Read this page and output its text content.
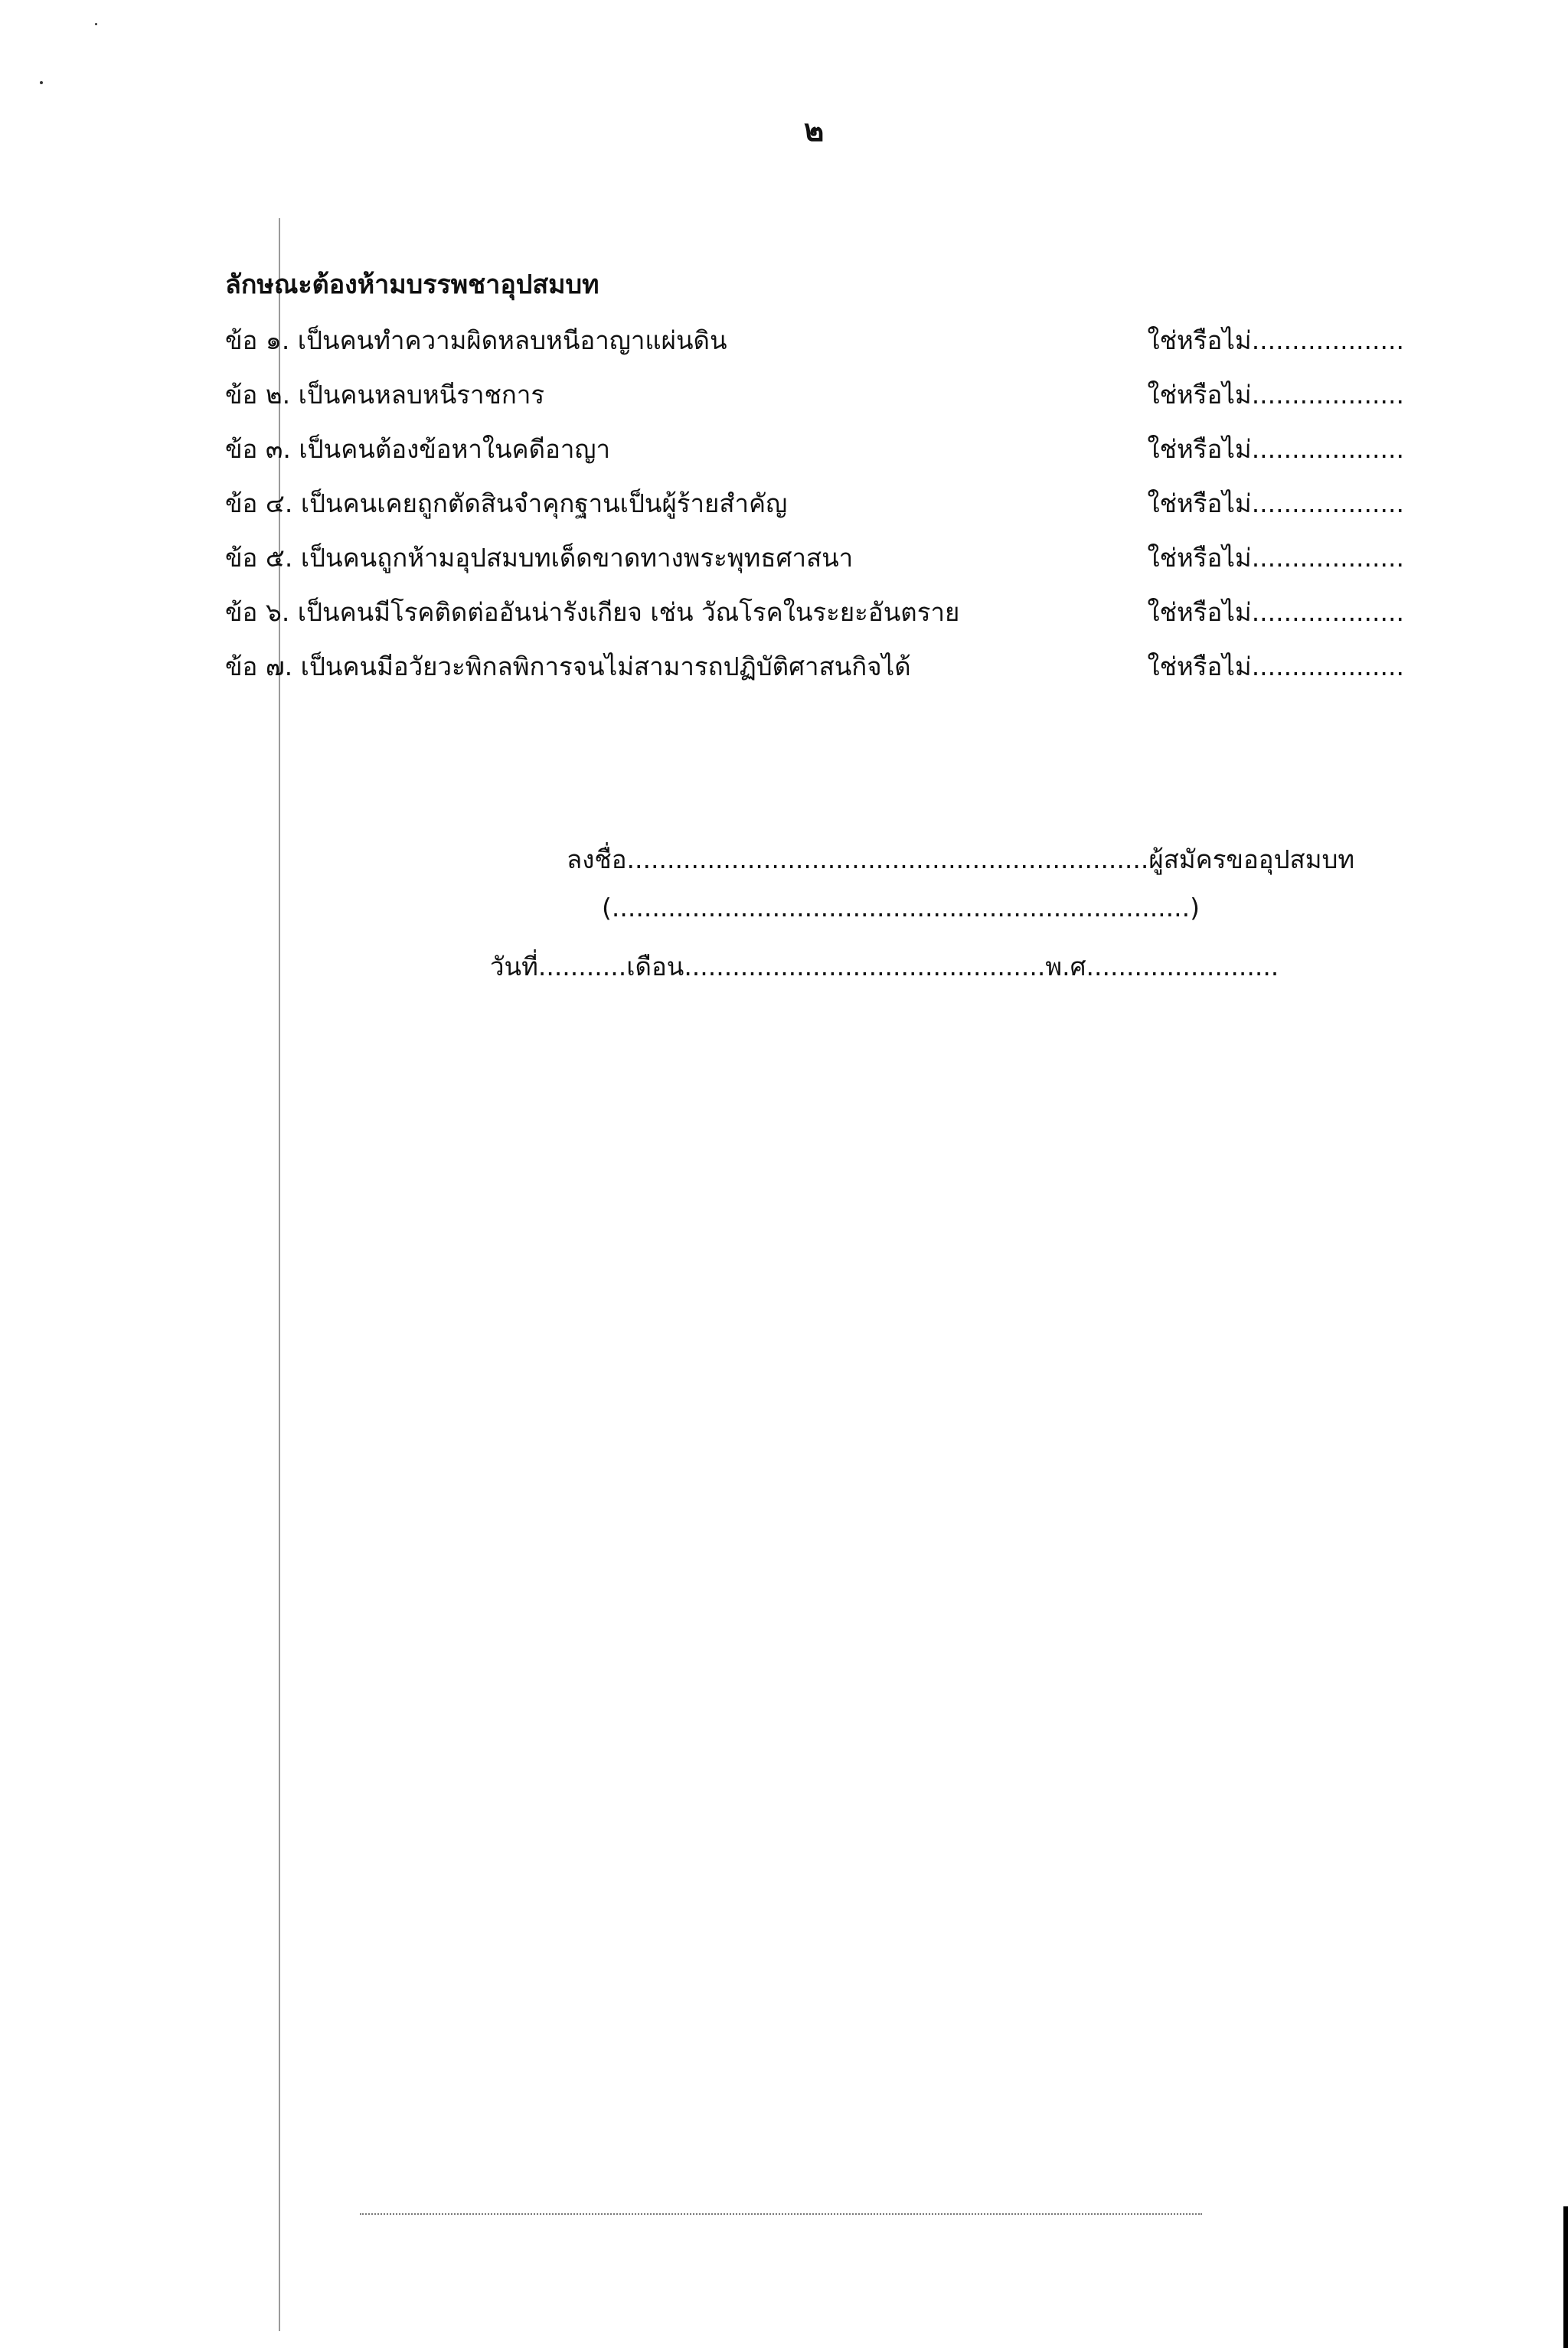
๒
ลักษณะต้องห้ามบรรพชาอุปสมบท
ข้อ ๑. เป็นคนทำความผิดหลบหนีอาญาแผ่นดิน	ใช่หรือไม่...................
ข้อ ๒. เป็นคนหลบหนีราชการ	ใช่หรือไม่...................
ข้อ ๓. เป็นคนต้องข้อหาในคดีอาญา	ใช่หรือไม่...................
ข้อ ๔. เป็นคนเคยถูกตัดสินจำคุกฐานเป็นผู้ร้ายสำคัญ	ใช่หรือไม่...................
ข้อ ๕. เป็นคนถูกห้ามอุปสมบทเด็ดขาดทางพระพุทธศาสนา	ใช่หรือไม่...................
ข้อ ๖. เป็นคนมีโรคติดต่ออันน่ารังเกียจ เช่น วัณโรคในระยะอันตราย	ใช่หรือไม่...................
ข้อ ๗. เป็นคนมีอวัยวะพิกลพิการจนไม่สามารถปฏิบัติศาสนกิจได้	ใช่หรือไม่...................
ลงชื่อ.................................................................ผู้สมัครขออุปสมบท
(........................................................................)
วันที่...........เดือน.............................................พ.ศ........................
